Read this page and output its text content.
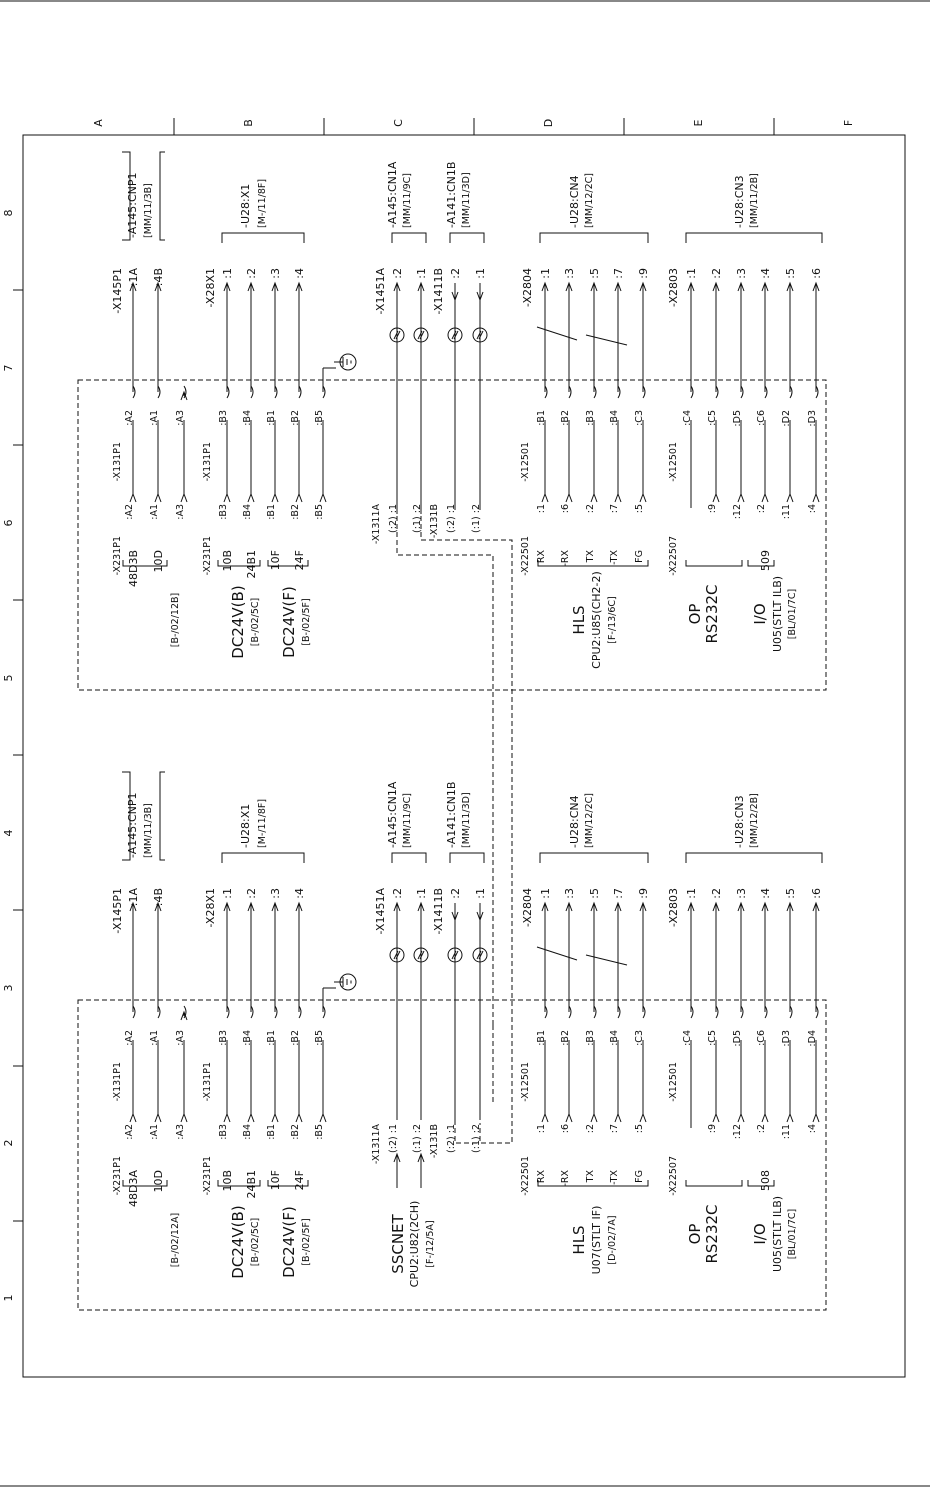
A	B	C	D	E	F
1
2
3
4
5
6
7
8
:1A :4B
-X145P1
-A145:CNP1 [MM/11/3B]
:1 :2 :3 :4
-X28X1
-U28:X1 [M-/11/8F]
:2 :1
-X1451A
-A145:CN1A [MM/11/9C]
:2 :1
-X1411B
-A141:CN1B [MM/11/3D]
:1 :3 :5 :7 :9
-X2804
-U28:CN4 [MM/12/2C]
:1 :2 :3 :4 :5 :6
-X2803
-U28:CN3 [MM/11/2B]
:A2 :A1 :A3	:B3 :B4 :B1 :B2 :B5
-X131P1	-X131P1
:B1 :B2 :B3 :B4 :C3
-X12501
:C4 :C5 :D5 :C6 :D2 :D3
-X12501
:A2 :A1 :A3	:B3 :B4 :B1 :B2 :B5
-X231P1	-X231P1
:1
RX
:6
-RX
:2
TX
:7
-TX
:5
FG
-X22501
:9 :12 :2 :11 :4
-X22507
(:2) :1 (:1) :2
-X1311A	(:2) :1 (:1) :2
-X131B
48D3B 10D	10B 24B1 10F 24F	509
[B-/02/12B]	DC24V(B) [B-/02/5C] DC24V(F) [B-/02/5F]	HLS CPU2:U85(CH2-2) [F-/13/6C]	OP RS232C I/O U05(STLT ILB) [BL/01/7C]
:1A :4B
-X145P1
-A145:CNP1 [MM/11/3B]
:1 :2 :3 :4
-X28X1
-U28:X1 [M-/11/8F]
:2 :1
-X1451A
-A145:CN1A [MM/11/9C]
:2 :1
-X1411B
-A141:CN1B [MM/11/3D]
:1 :3 :5 :7 :9
-X2804
-U28:CN4 [MM/12/2C]
:1 :2 :3 :4 :5 :6
-X2803
-U28:CN3 [MM/12/2B]
:A2 :A1 :A3	:B3 :B4 :B1 :B2 :B5
-X131P1	-X131P1
:B1 :B2 :B3 :B4 :C3
-X12501
:C4 :C5 :D5 :C6 :D3 :D4
-X12501
:A2 :A1 :A3	:B3 :B4 :B1 :B2 :B5
-X231P1	-X231P1
:1
RX
:6
-RX
:2
TX
:7
-TX
:5
FG
-X22501
:9 :12 :2 :11 :4
-X22507
(:2) :1 (:1) :2
-X1311A	(:2) :1 (:1) :2
-X131B
48D3A 10D	10B 24B1 10F 24F	508
[B-/02/12A]	DC24V(B) [B-/02/5C] DC24V(F) [B-/02/5F]	HLS U07(STLT IF) [D-/02/7A]	OP RS232C I/O U05(STLT ILB) [BL/01/7C]
SSCNET CPU2:U82(2CH) [F-/12/5A]
